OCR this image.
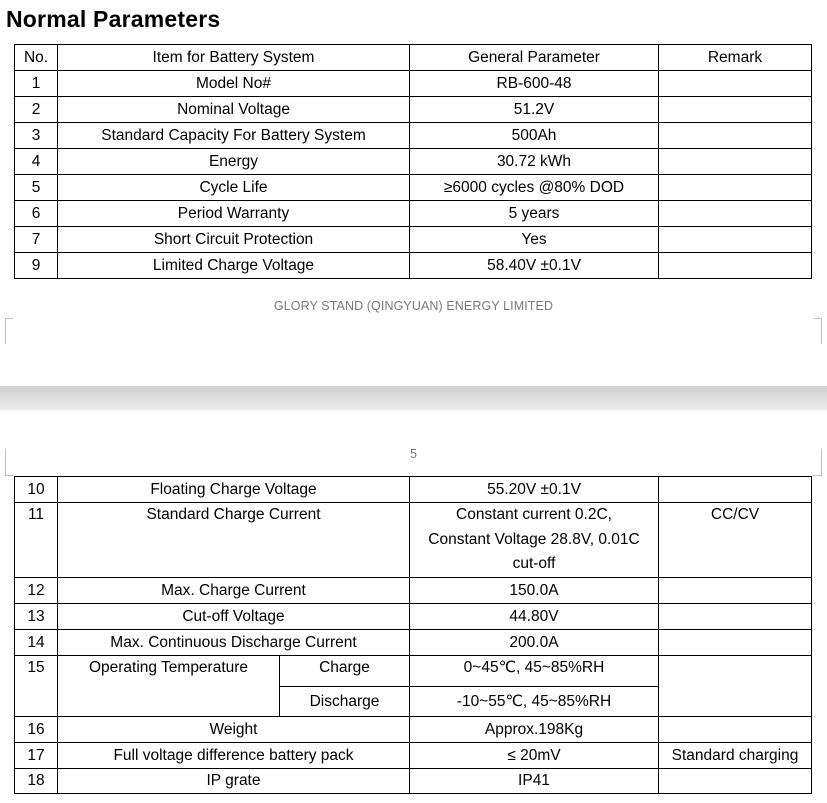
Normal Parameters
No.	Item for Battery System	General Parameter	Remark
1	Model No#	RB-600-48	
2	Nominal Voltage	51.2V	
3	Standard Capacity For Battery System	500Ah	
4	Energy	30.72 kWh	
5	Cycle Life	≥6000 cycles @80% DOD	
6	Period Warranty	5 years	
7	Short Circuit Protection	Yes	
9	Limited Charge Voltage	58.40V ±0.1V	
GLORY STAND (QINGYUAN) ENERGY LIMITED
5
10	Floating Charge Voltage		55.20V ±0.1V	
11	Standard Charge Current		Constant current 0.2C,
Constant Voltage 28.8V, 0.01C
cut-off	CC/CV
12	Max. Charge Current		150.0A	
13	Cut-off Voltage		44.80V	
14	Max. Continuous Discharge Current		200.0A	
15	Operating Temperature	Charge	0~45℃, 45~85%RH	
		Discharge	-10~55℃, 45~85%RH	
16	Weight		Approx.198Kg	
17	Full voltage difference battery pack		≤ 20mV	Standard charging
18	IP grate		IP41	
